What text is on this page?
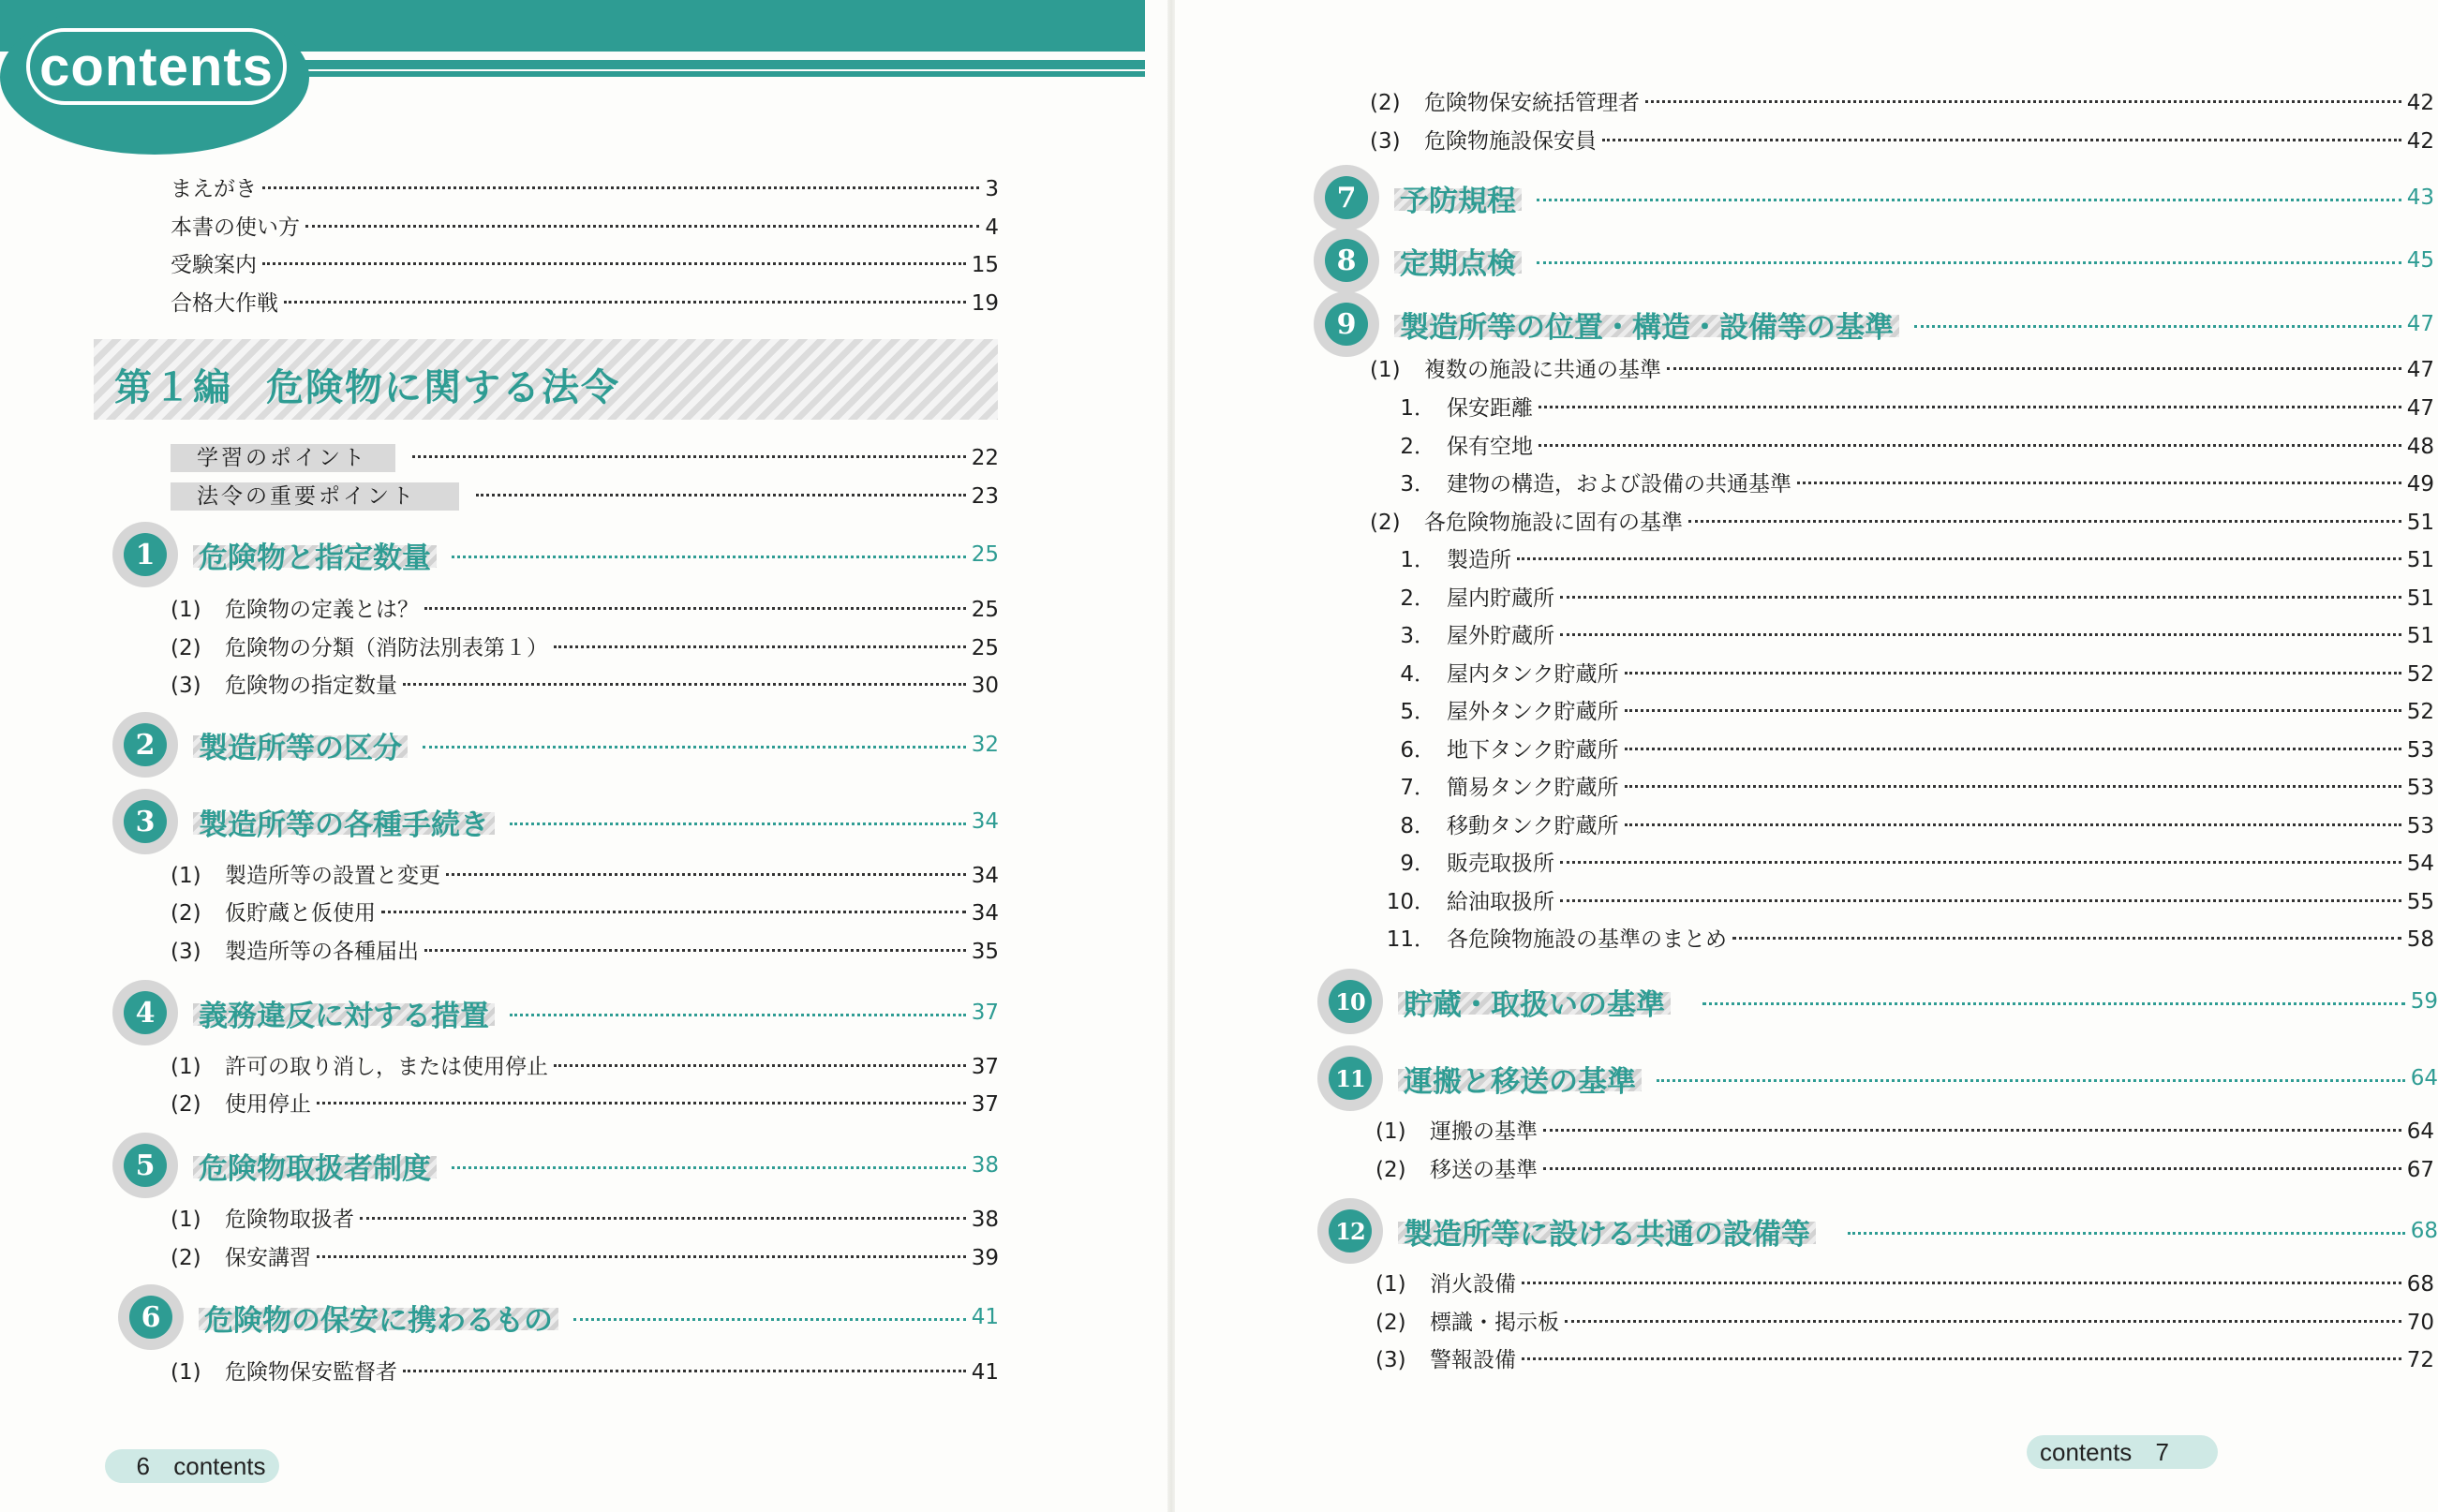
contents
まえがき	3
本書の使い方	4
受験案内	15
合格大作戦	19
第１編 危険物に関する法令
学習のポイント	22
法令の重要ポイント	23
1	危険物と指定数量	25
(1) 危険物の定義とは？	25
(2) 危険物の分類（消防法別表第１）	25
(3) 危険物の指定数量	30
2	製造所等の区分	32
3	製造所等の各種手続き	34
(1) 製造所等の設置と変更	34
(2) 仮貯蔵と仮使用	34
(3) 製造所等の各種届出	35
4	義務違反に対する措置	37
(1) 許可の取り消し，または使用停止	37
(2) 使用停止	37
5	危険物取扱者制度	38
(1) 危険物取扱者	38
(2) 保安講習	39
6	危険物の保安に携わるもの	41
(1) 危険物保安監督者	41
6 contents
(2) 危険物保安統括管理者	42
(3) 危険物施設保安員	42
7	予防規程	43
8	定期点検	45
9	製造所等の位置・構造・設備等の基準	47
(1) 複数の施設に共通の基準	47
1． 保安距離	47
2． 保有空地	48
3． 建物の構造，および設備の共通基準	49
(2) 各危険物施設に固有の基準	51
1． 製造所	51
2． 屋内貯蔵所	51
3． 屋外貯蔵所	51
4． 屋内タンク貯蔵所	52
5． 屋外タンク貯蔵所	52
6． 地下タンク貯蔵所	53
7． 簡易タンク貯蔵所	53
8． 移動タンク貯蔵所	53
9． 販売取扱所	54
10． 給油取扱所	55
11． 各危険物施設の基準のまとめ	58
10 貯蔵・取扱いの基準	59
11 運搬と移送の基準	64
(1) 運搬の基準	64
(2) 移送の基準	67
12 製造所等に設ける共通の設備等	68
(1) 消火設備	68
(2) 標識・掲示板	70
(3) 警報設備	72
contents 7
